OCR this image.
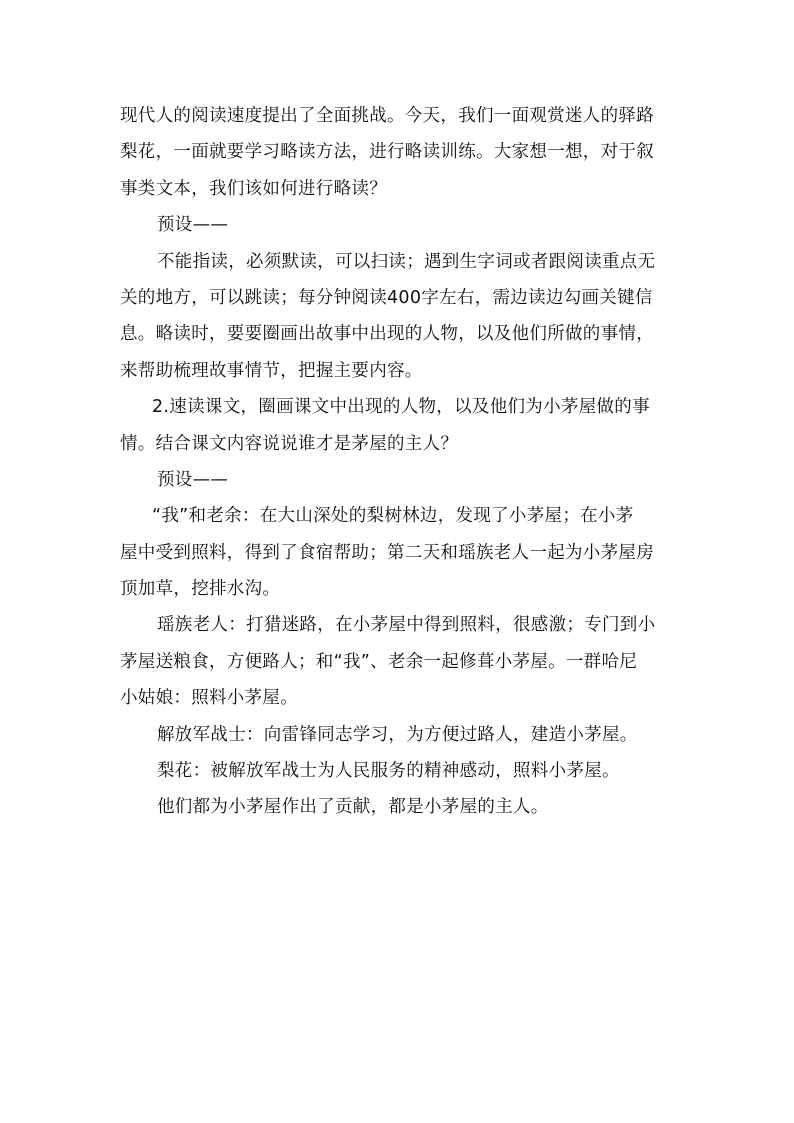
现代人的阅读速度提出了全面挑战。今天，我们一面观赏迷人的驿路
梨花，一面就要学习略读方法，进行略读训练。大家想一想，对于叙
事类文本，我们该如何进行略读？
预设——
不能指读，必须默读，可以扫读；遇到生字词或者跟阅读重点无
关的地方，可以跳读；每分钟阅读400字左右，需边读边勾画关键信
息。略读时，要要圈画出故事中出现的人物，以及他们所做的事情，
来帮助梳理故事情节，把握主要内容。
2.速读课文，圈画课文中出现的人物，以及他们为小茅屋做的事
情。结合课文内容说说谁才是茅屋的主人？
预设——
“我”和老余：在大山深处的梨树林边，发现了小茅屋；在小茅
屋中受到照料，得到了食宿帮助；第二天和瑶族老人一起为小茅屋房
顶加草，挖排水沟。
瑶族老人：打猎迷路，在小茅屋中得到照料，很感激；专门到小
茅屋送粮食，方便路人；和“我”、老余一起修葺小茅屋。一群哈尼
小姑娘：照料小茅屋。
解放军战士：向雷锋同志学习，为方便过路人，建造小茅屋。
梨花：被解放军战士为人民服务的精神感动，照料小茅屋。
他们都为小茅屋作出了贡献，都是小茅屋的主人。
